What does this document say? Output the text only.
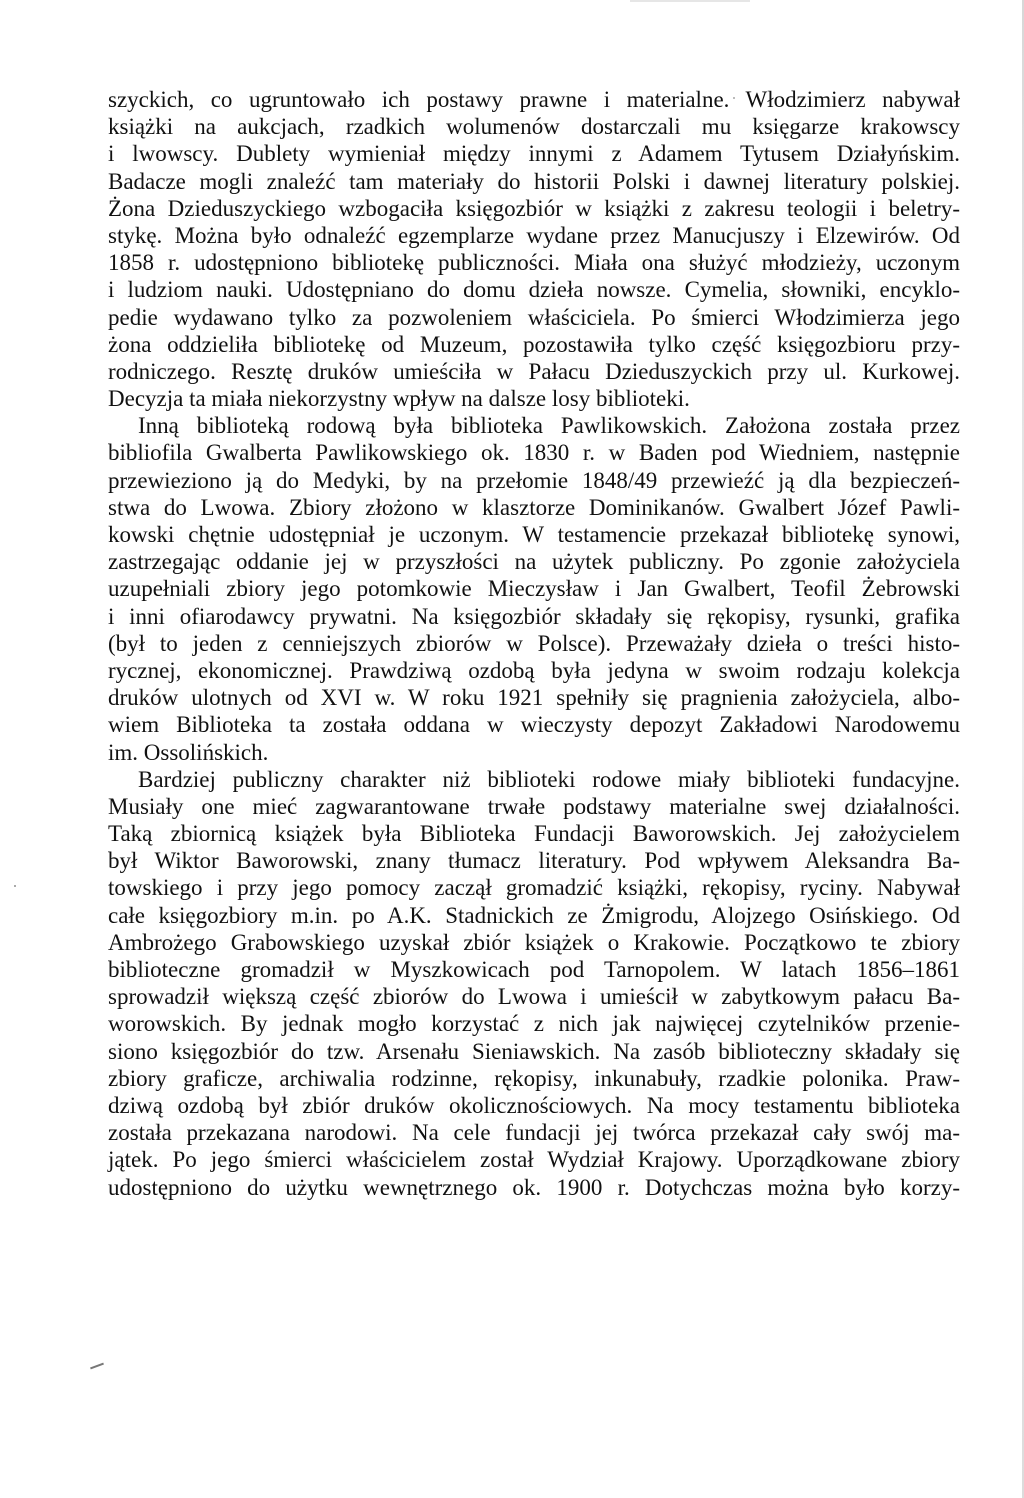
szyckich, co ugruntowało ich postawy prawne i materialne. Włodzimierz nabywał
książki na aukcjach, rzadkich wolumenów dostarczali mu księgarze krakowscy
i lwowscy. Dublety wymieniał między innymi z Adamem Tytusem Działyńskim.
Badacze mogli znaleźć tam materiały do historii Polski i dawnej literatury polskiej.
Żona Dzieduszyckiego wzbogaciła księgozbiór w książki z zakresu teologii i beletry-
stykę. Można było odnaleźć egzemplarze wydane przez Manucjuszy i Elzewirów. Od
1858 r. udostępniono bibliotekę publiczności. Miała ona służyć młodzieży, uczonym
i ludziom nauki. Udostępniano do domu dzieła nowsze. Cymelia, słowniki, encyklo-
pedie wydawano tylko za pozwoleniem właściciela. Po śmierci Włodzimierza jego
żona oddzieliła bibliotekę od Muzeum, pozostawiła tylko część księgozbioru przy-
rodniczego. Resztę druków umieściła w Pałacu Dzieduszyckich przy ul. Kurkowej.
Decyzja ta miała niekorzystny wpływ na dalsze losy biblioteki.
Inną biblioteką rodową była biblioteka Pawlikowskich. Założona została przez
bibliofila Gwalberta Pawlikowskiego ok. 1830 r. w Baden pod Wiedniem, następnie
przewieziono ją do Medyki, by na przełomie 1848/49 przewieźć ją dla bezpieczeń-
stwa do Lwowa. Zbiory złożono w klasztorze Dominikanów. Gwalbert Józef Pawli-
kowski chętnie udostępniał je uczonym. W testamencie przekazał bibliotekę synowi,
zastrzegając oddanie jej w przyszłości na użytek publiczny. Po zgonie założyciela
uzupełniali zbiory jego potomkowie Mieczysław i Jan Gwalbert, Teofil Żebrowski
i inni ofiarodawcy prywatni. Na księgozbiór składały się rękopisy, rysunki, grafika
(był to jeden z cenniejszych zbiorów w Polsce). Przeważały dzieła o treści histo-
rycznej, ekonomicznej. Prawdziwą ozdobą była jedyna w swoim rodzaju kolekcja
druków ulotnych od XVI w. W roku 1921 spełniły się pragnienia założyciela, albo-
wiem Biblioteka ta została oddana w wieczysty depozyt Zakładowi Narodowemu
im. Ossolińskich.
Bardziej publiczny charakter niż biblioteki rodowe miały biblioteki fundacyjne.
Musiały one mieć zagwarantowane trwałe podstawy materialne swej działalności.
Taką zbiornicą książek była Biblioteka Fundacji Baworowskich. Jej założycielem
był Wiktor Baworowski, znany tłumacz literatury. Pod wpływem Aleksandra Ba-
towskiego i przy jego pomocy zaczął gromadzić książki, rękopisy, ryciny. Nabywał
całe księgozbiory m.in. po A.K. Stadnickich ze Żmigrodu, Alojzego Osińskiego. Od
Ambrożego Grabowskiego uzyskał zbiór książek o Krakowie. Początkowo te zbiory
biblioteczne gromadził w Myszkowicach pod Tarnopolem. W latach 1856–1861
sprowadził większą część zbiorów do Lwowa i umieścił w zabytkowym pałacu Ba-
worowskich. By jednak mogło korzystać z nich jak najwięcej czytelników przenie-
siono księgozbiór do tzw. Arsenału Sieniawskich. Na zasób biblioteczny składały się
zbiory graficze, archiwalia rodzinne, rękopisy, inkunabuły, rzadkie polonika. Praw-
dziwą ozdobą był zbiór druków okolicznościowych. Na mocy testamentu biblioteka
została przekazana narodowi. Na cele fundacji jej twórca przekazał cały swój ma-
jątek. Po jego śmierci właścicielem został Wydział Krajowy. Uporządkowane zbiory
udostępniono do użytku wewnętrznego ok. 1900 r. Dotychczas można było korzy-
